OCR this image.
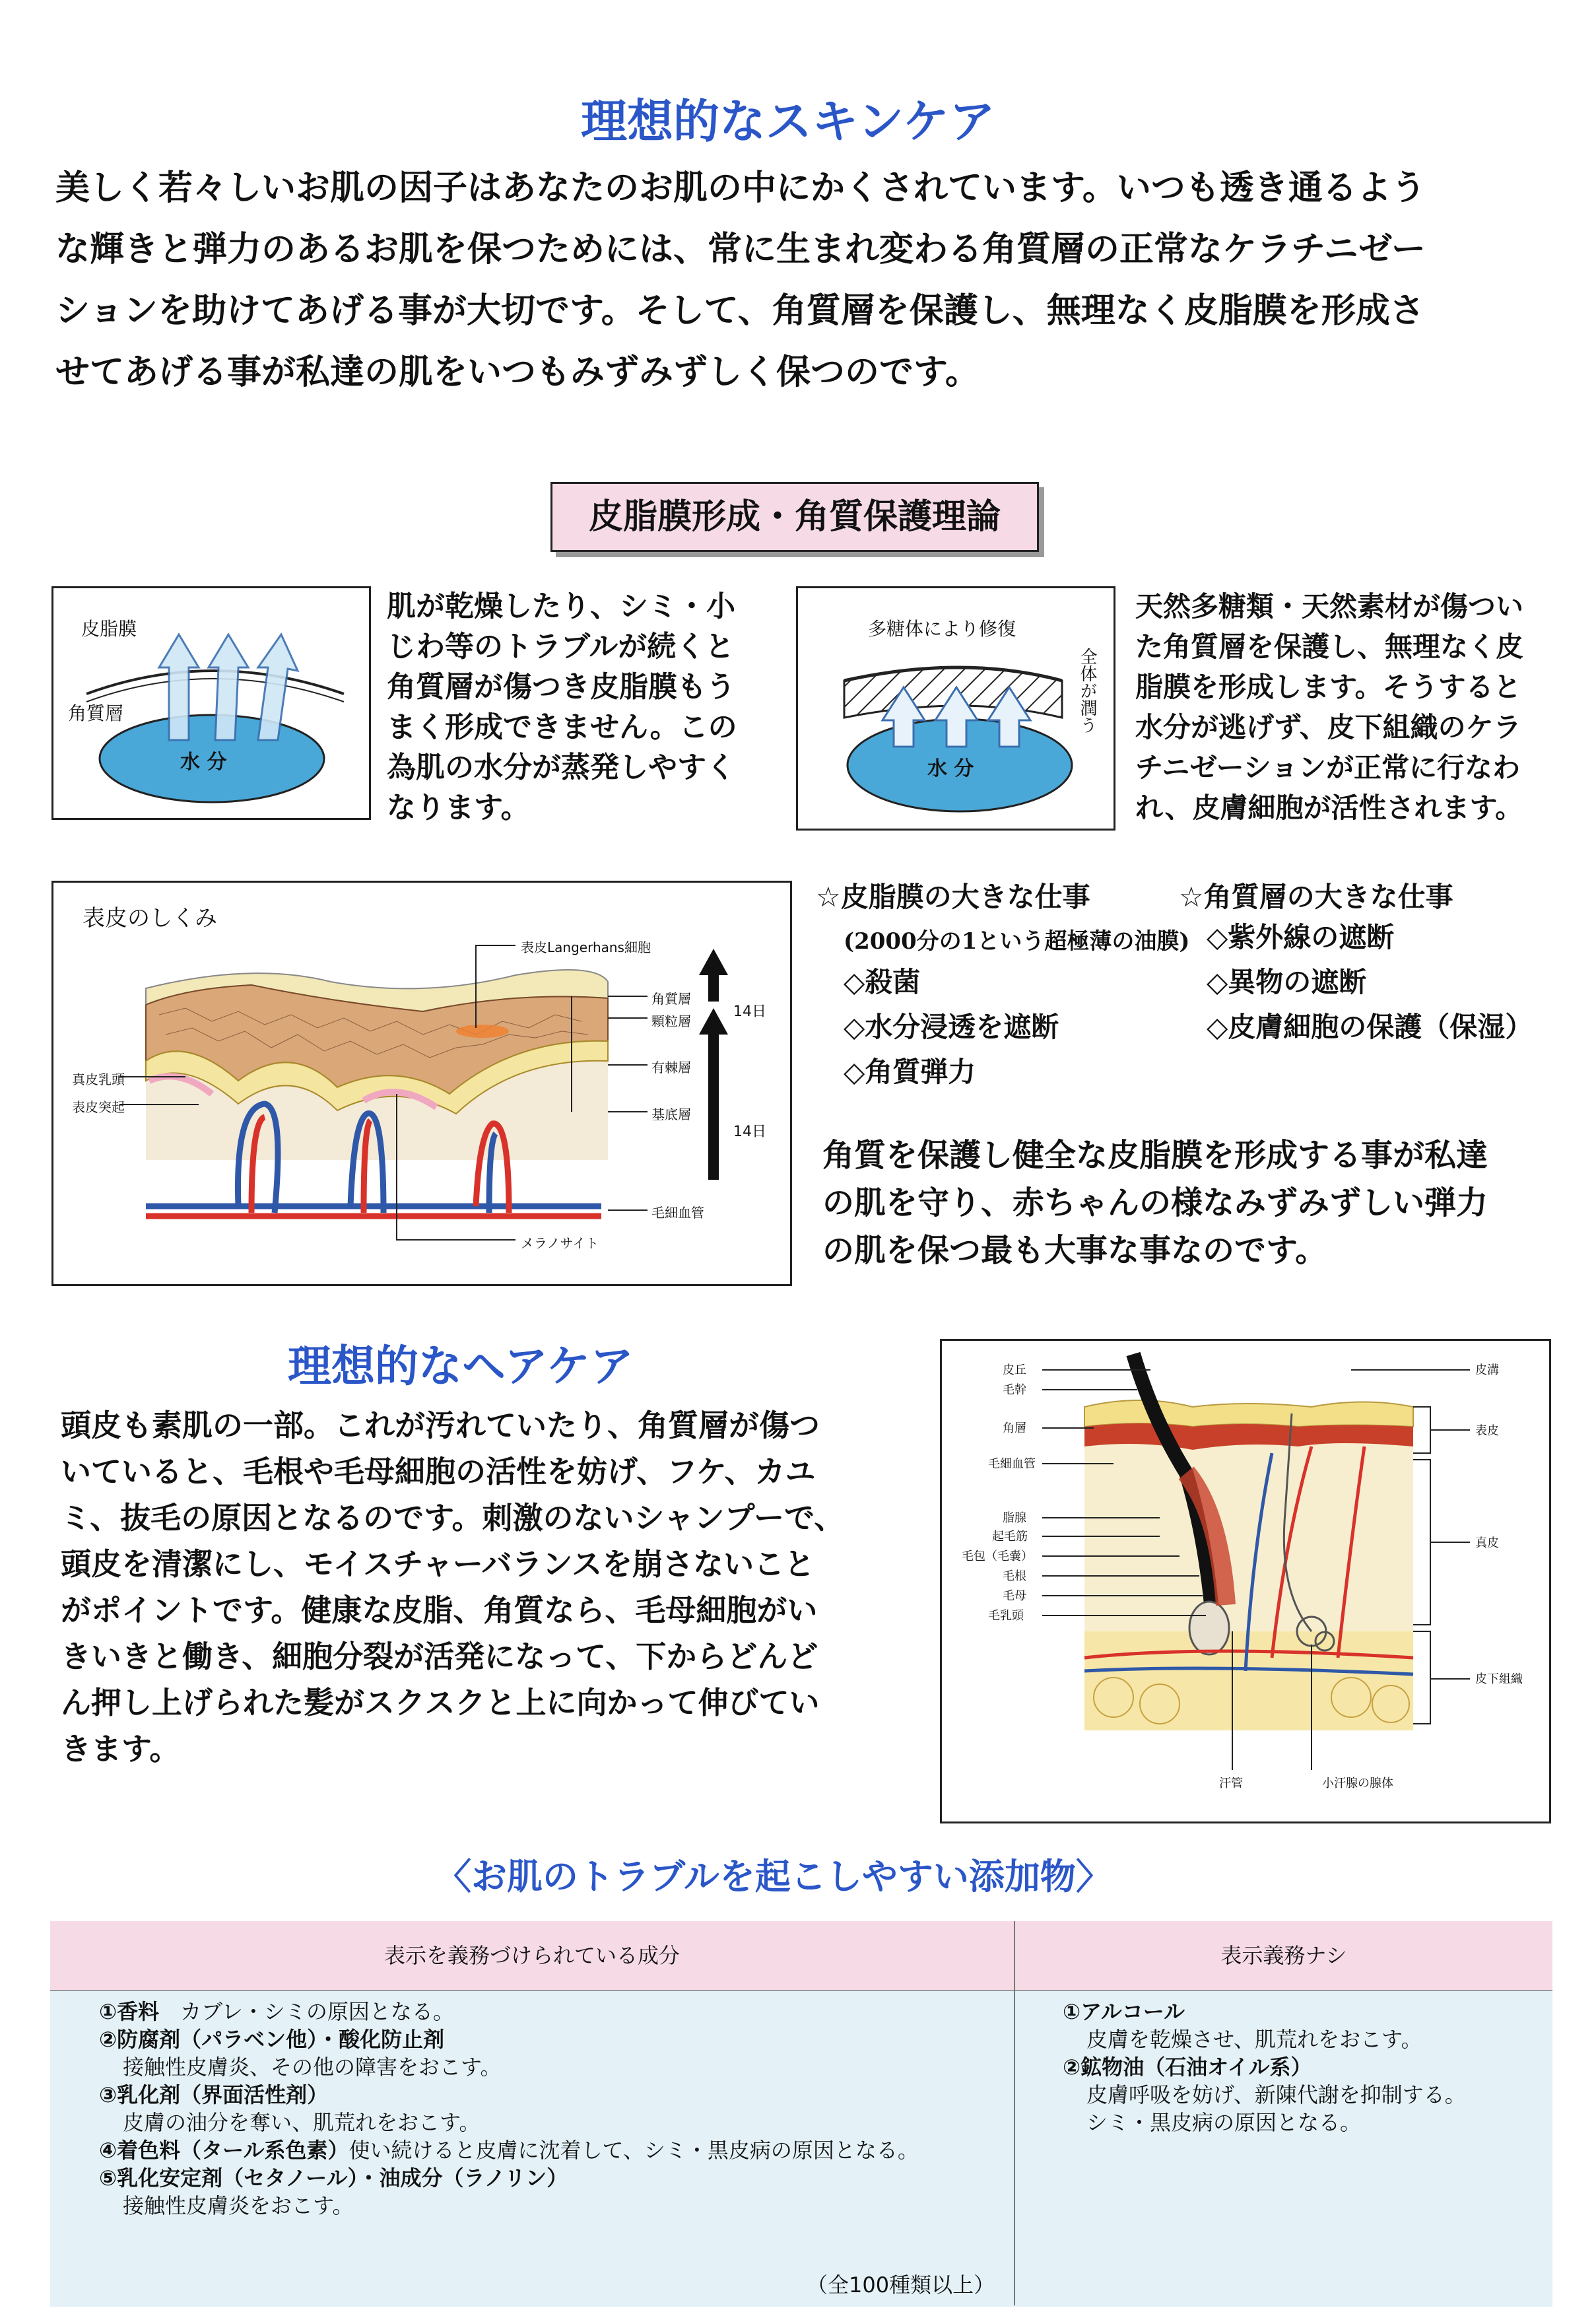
理想的なスキンケア
美しく若々しいお肌の因子はあなたのお肌の中にかくされています。いつも透き通るよう
な輝きと弾力のあるお肌を保つためには、常に生まれ変わる角質層の正常なケラチニゼー
ションを助けてあげる事が大切です。そして、角質層を保護し、無理なく皮脂膜を形成さ
せてあげる事が私達の肌をいつもみずみずしく保つのです。
皮脂膜形成・角質保護理論
皮脂膜
角質層
水 分
肌が乾燥したり、シミ・小
じわ等のトラブルが続くと
角質層が傷つき皮脂膜もう
まく形成できません。この
為肌の水分が蒸発しやすく
なります。
多糖体により修復
全体が潤う
水 分
天然多糖類・天然素材が傷つい
た角質層を保護し、無理なく皮
脂膜を形成します。そうすると
水分が逃げず、皮下組織のケラ
チニゼーションが正常に行なわ
れ、皮膚細胞が活性されます。
表皮のしくみ
表皮Langerhans細胞
角質層
顆粒層
有棘層
基底層
真皮乳頭
表皮突起
毛細血管
メラノサイト
14日
14日
☆皮脂膜の大きな仕事
(2000分の1という超極薄の油膜)
◇殺菌
◇水分浸透を遮断
◇角質弾力
☆角質層の大きな仕事
◇紫外線の遮断
◇異物の遮断
◇皮膚細胞の保護（保湿）
角質を保護し健全な皮脂膜を形成する事が私達
の肌を守り、赤ちゃんの様なみずみずしい弾力
の肌を保つ最も大事な事なのです。
理想的なヘアケア
頭皮も素肌の一部。これが汚れていたり、角質層が傷つ
いていると、毛根や毛母細胞の活性を妨げ、フケ、カユ
ミ、抜毛の原因となるのです。刺激のないシャンプーで、
頭皮を清潔にし、モイスチャーバランスを崩さないこと
がポイントです。健康な皮脂、角質なら、毛母細胞がい
きいきと働き、細胞分裂が活発になって、下からどんど
ん押し上げられた髪がスクスクと上に向かって伸びてい
きます。
皮丘
毛幹
角層
毛細血管
脂腺
起毛筋
毛包（毛嚢）
毛根
毛母
毛乳頭
皮溝
表皮
真皮
皮下組織
汗管	小汗腺の腺体
〈お肌のトラブルを起こしやすい添加物〉
表示を義務づけられている成分	表示義務ナシ
①香料　カブレ・シミの原因となる。
②防腐剤（パラベン他）・酸化防止剤
接触性皮膚炎、その他の障害をおこす。
③乳化剤（界面活性剤）
皮膚の油分を奪い、肌荒れをおこす。
④着色料（タール系色素）使い続けると皮膚に沈着して、シミ・黒皮病の原因となる。
⑤乳化安定剤（セタノール）・油成分（ラノリン）
接触性皮膚炎をおこす。
（全100種類以上）
①アルコール
皮膚を乾燥させ、肌荒れをおこす。
②鉱物油（石油オイル系）
皮膚呼吸を妨げ、新陳代謝を抑制する。
シミ・黒皮病の原因となる。
